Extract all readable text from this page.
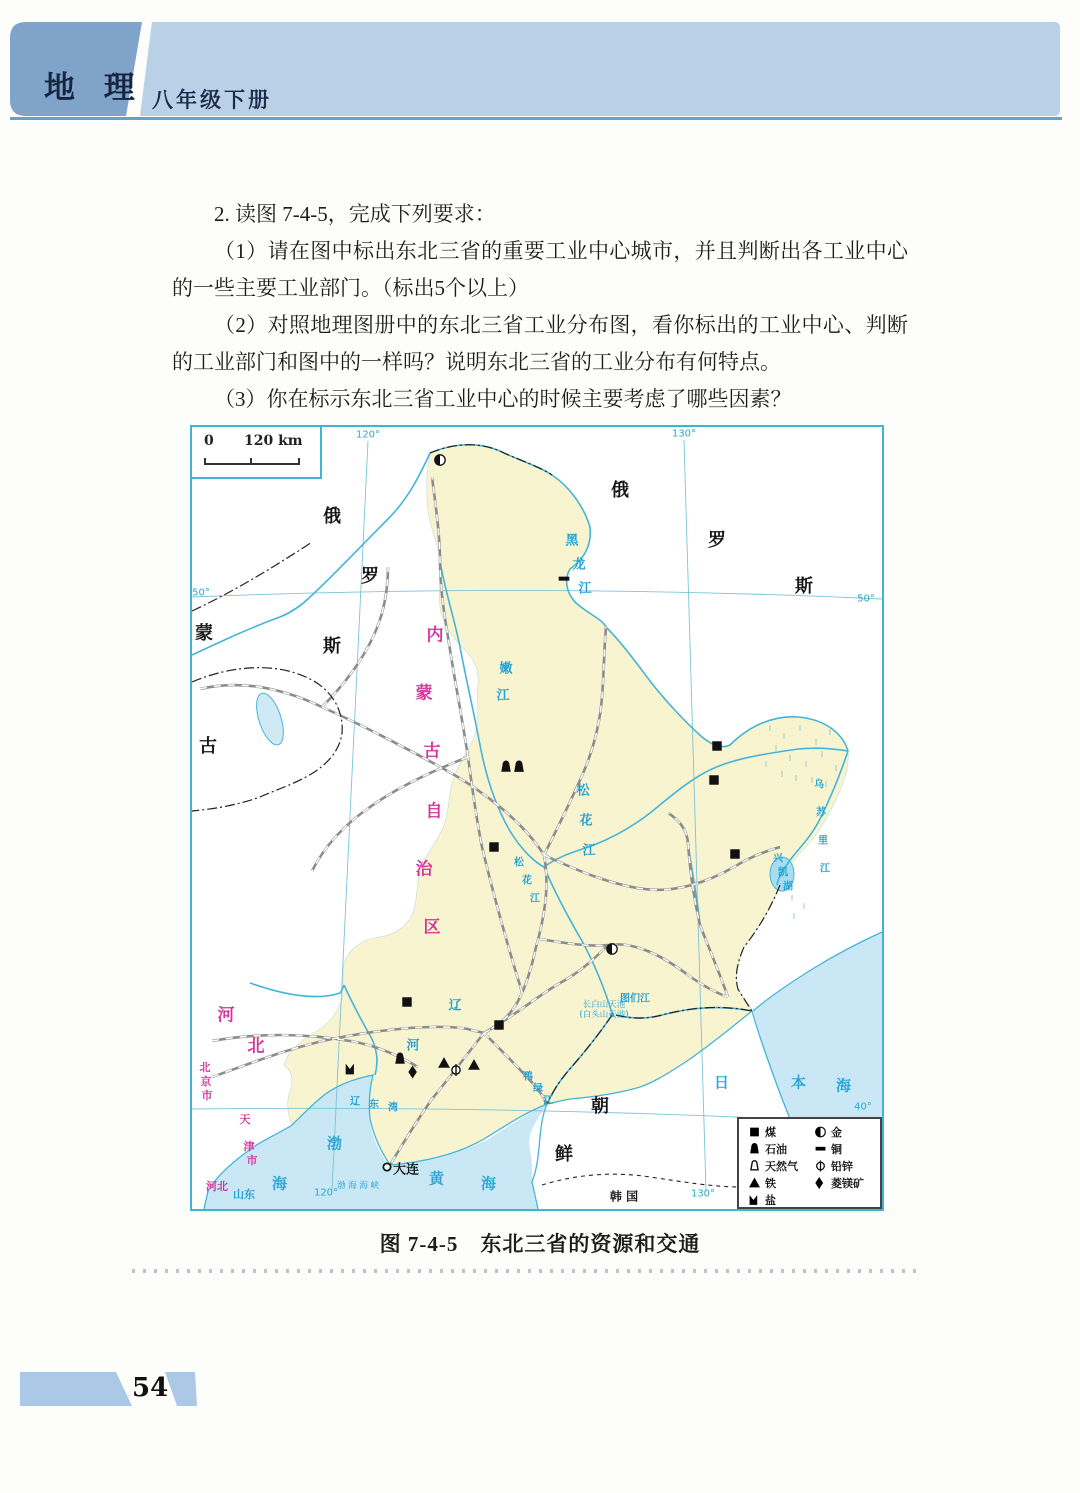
地 理 八年级下册

2. 读图 7-4-5，完成下列要求：

（1）请在图中标出东北三省的重要工业中心城市，并且判断出各工业中心的一些主要工业部门。（标出5个以上）

（2）对照地理图册中的东北三省工业分布图，看你标出的工业中心、判断的工业部门和图中的一样吗？说明东北三省的工业分布有何特点。

（3）你在标示东北三省工业中心的时候主要考虑了哪些因素？

0 120 km
煤
石油
天然气
铁
盐
金
铜
铅锌
菱镁矿
俄
罗
斯
俄
罗
斯
蒙
古
朝
鲜
韩 国
内
蒙
古
自
治
区
河
北
北
京
市
天
津
市
河北
山东
黑
龙
江
嫩
江
松
花
江
松
花
江
乌
苏
里
江
兴
凯
湖
辽
河
鸭
绿
江
图们江
日	本 海
渤
海	黄 海
辽 东 湾
渤 海 海 峡
长白山天池
(白头山天池)
120°	130°
50°
50°
40°
120°	130°
大连
图 7-4-5　东北三省的资源和交通
54
